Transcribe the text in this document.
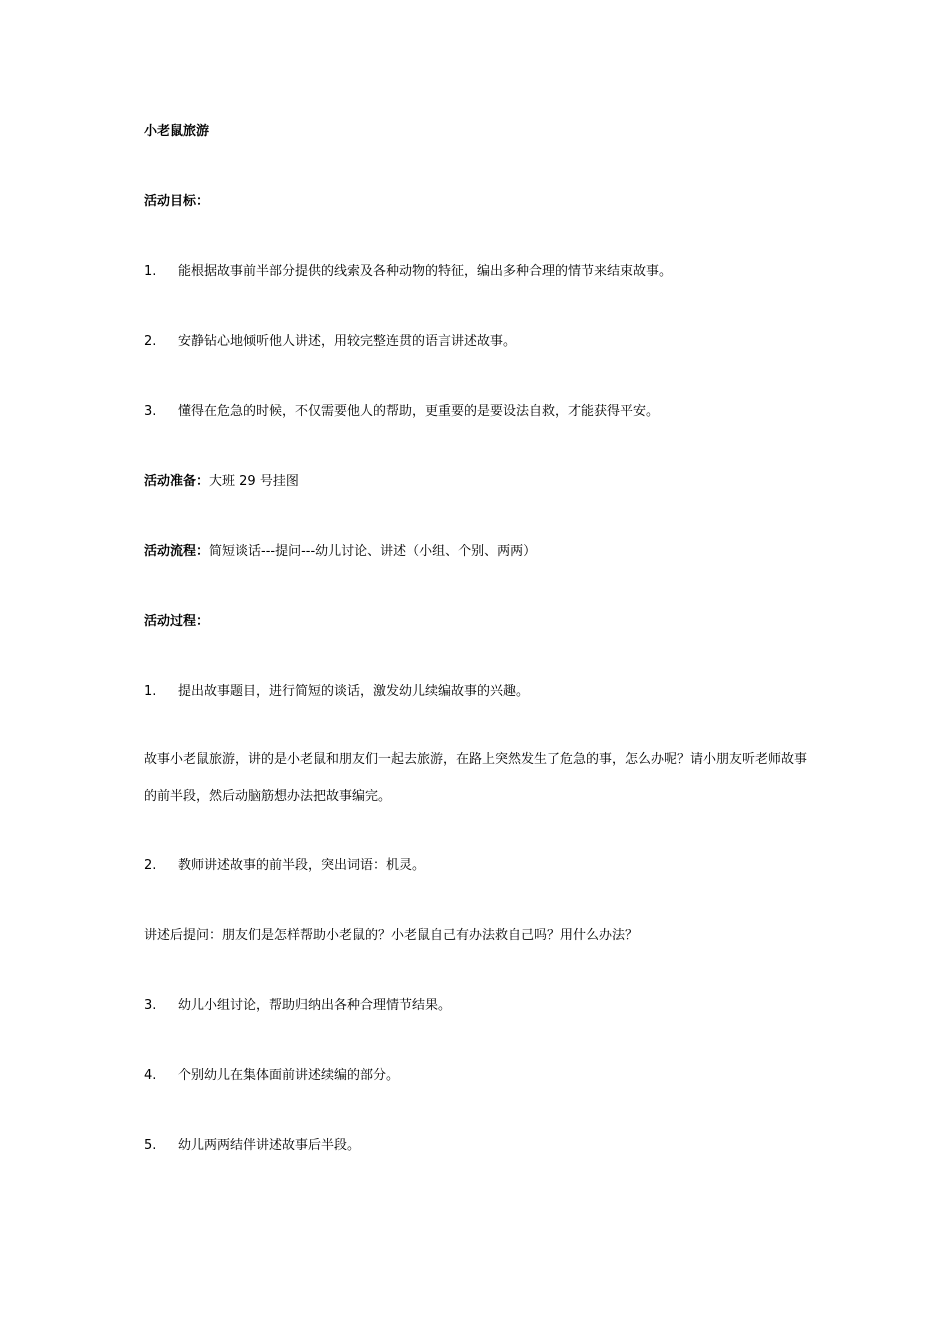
小老鼠旅游
活动目标：
1. 能根据故事前半部分提供的线索及各种动物的特征，编出多种合理的情节来结束故事。
2. 安静钻心地倾听他人讲述，用较完整连贯的语言讲述故事。
3. 懂得在危急的时候，不仅需要他人的帮助，更重要的是要设法自救，才能获得平安。
活动准备：大班 29 号挂图
活动流程：简短谈话---提问---幼儿讨论、讲述（小组、个别、两两）
活动过程：
1. 提出故事题目，进行简短的谈话，激发幼儿续编故事的兴趣。
故事小老鼠旅游，讲的是小老鼠和朋友们一起去旅游，在路上突然发生了危急的事，怎么办呢？请小朋友听老师故事的前半段，然后动脑筋想办法把故事编完。
2. 教师讲述故事的前半段，突出词语：机灵。
讲述后提问：朋友们是怎样帮助小老鼠的？小老鼠自己有办法救自己吗？用什么办法？
3. 幼儿小组讨论，帮助归纳出各种合理情节结果。
4. 个别幼儿在集体面前讲述续编的部分。
5. 幼儿两两结伴讲述故事后半段。
